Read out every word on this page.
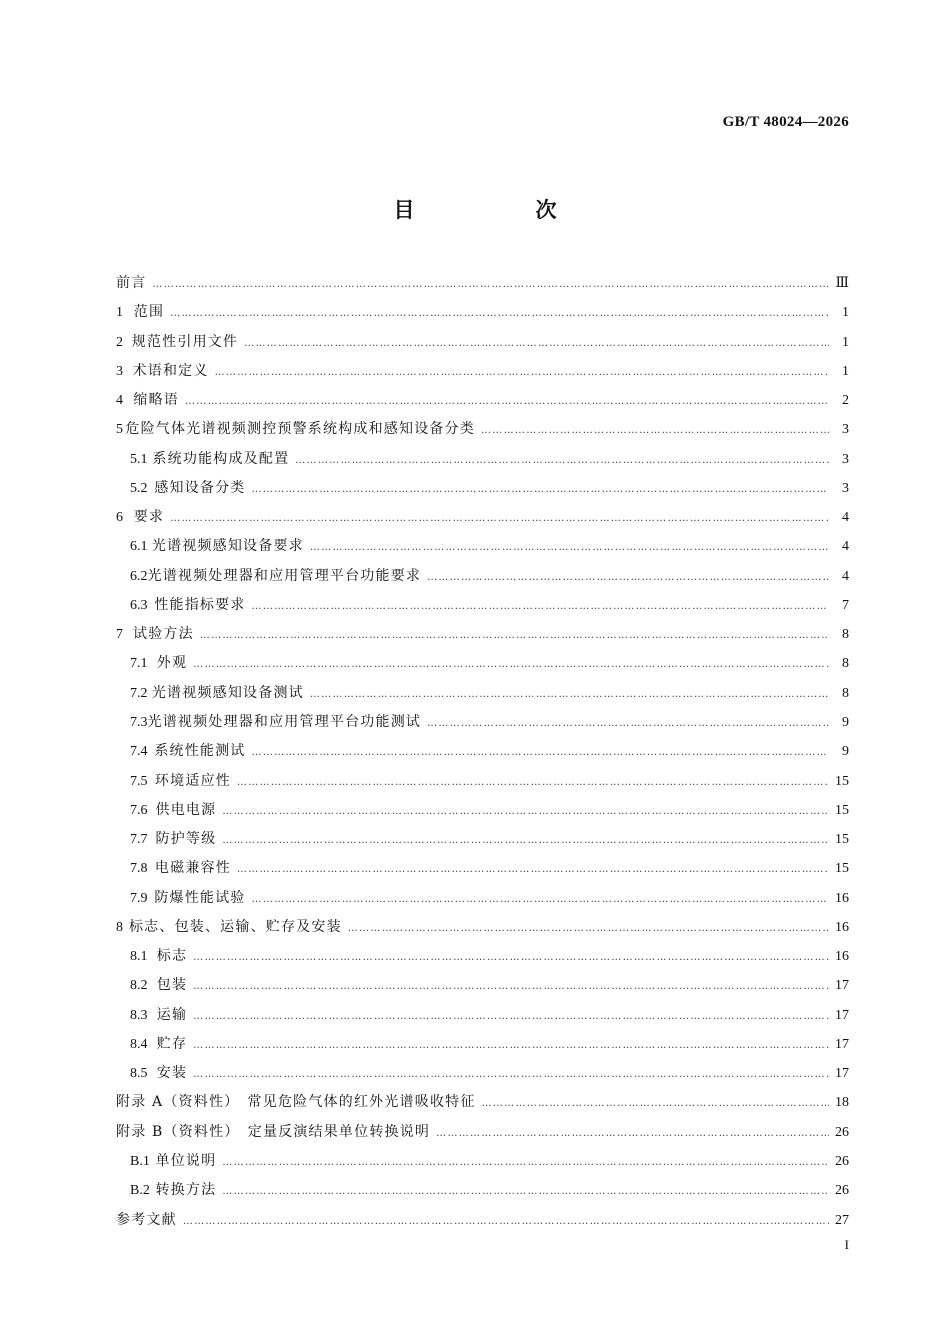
GB/T 48024—2026
目　次
前言 …………………………………………………………………………………………………………………………………………………………………………………………………………………………	Ⅲ
1 范围 …………………………………………………………………………………………………………………………………………………………………………………………………………………………	1
2 规范性引用文件 …………………………………………………………………………………………………………………………………………………………………………………………………………………………	1
3 术语和定义 …………………………………………………………………………………………………………………………………………………………………………………………………………………………	1
4 缩略语 …………………………………………………………………………………………………………………………………………………………………………………………………………………………	2
5 危险气体光谱视频测控预警系统构成和感知设备分类 …………………………………………………………………………………………………………………………………………………………………………………………………………………………	3
5.1 系统功能构成及配置 …………………………………………………………………………………………………………………………………………………………………………………………………………………………	3
5.2 感知设备分类 …………………………………………………………………………………………………………………………………………………………………………………………………………………………	3
6 要求 …………………………………………………………………………………………………………………………………………………………………………………………………………………………	4
6.1 光谱视频感知设备要求 …………………………………………………………………………………………………………………………………………………………………………………………………………………………	4
6.2 光谱视频处理器和应用管理平台功能要求 …………………………………………………………………………………………………………………………………………………………………………………………………………………………	4
6.3 性能指标要求 …………………………………………………………………………………………………………………………………………………………………………………………………………………………	7
7 试验方法 …………………………………………………………………………………………………………………………………………………………………………………………………………………………	8
7.1 外观 …………………………………………………………………………………………………………………………………………………………………………………………………………………………	8
7.2 光谱视频感知设备测试 …………………………………………………………………………………………………………………………………………………………………………………………………………………………	8
7.3 光谱视频处理器和应用管理平台功能测试 …………………………………………………………………………………………………………………………………………………………………………………………………………………………	9
7.4 系统性能测试 …………………………………………………………………………………………………………………………………………………………………………………………………………………………	9
7.5 环境适应性 …………………………………………………………………………………………………………………………………………………………………………………………………………………………	15
7.6 供电电源 …………………………………………………………………………………………………………………………………………………………………………………………………………………………	15
7.7 防护等级 …………………………………………………………………………………………………………………………………………………………………………………………………………………………	15
7.8 电磁兼容性 …………………………………………………………………………………………………………………………………………………………………………………………………………………………	15
7.9 防爆性能试验 …………………………………………………………………………………………………………………………………………………………………………………………………………………………	16
8 标志、包装、运输、贮存及安装 …………………………………………………………………………………………………………………………………………………………………………………………………………………………	16
8.1 标志 …………………………………………………………………………………………………………………………………………………………………………………………………………………………	16
8.2 包装 …………………………………………………………………………………………………………………………………………………………………………………………………………………………	17
8.3 运输 …………………………………………………………………………………………………………………………………………………………………………………………………………………………	17
8.4 贮存 …………………………………………………………………………………………………………………………………………………………………………………………………………………………	17
8.5 安装 …………………………………………………………………………………………………………………………………………………………………………………………………………………………	17
附录 A（资料性）　常见危险气体的红外光谱吸收特征 …………………………………………………………………………………………………………………………………………………………………………………………………………………………	18
附录 B（资料性）　定量反演结果单位转换说明 …………………………………………………………………………………………………………………………………………………………………………………………………………………………	26
B.1 单位说明 …………………………………………………………………………………………………………………………………………………………………………………………………………………………	26
B.2 转换方法 …………………………………………………………………………………………………………………………………………………………………………………………………………………………	26
参考文献 …………………………………………………………………………………………………………………………………………………………………………………………………………………………	27
I
